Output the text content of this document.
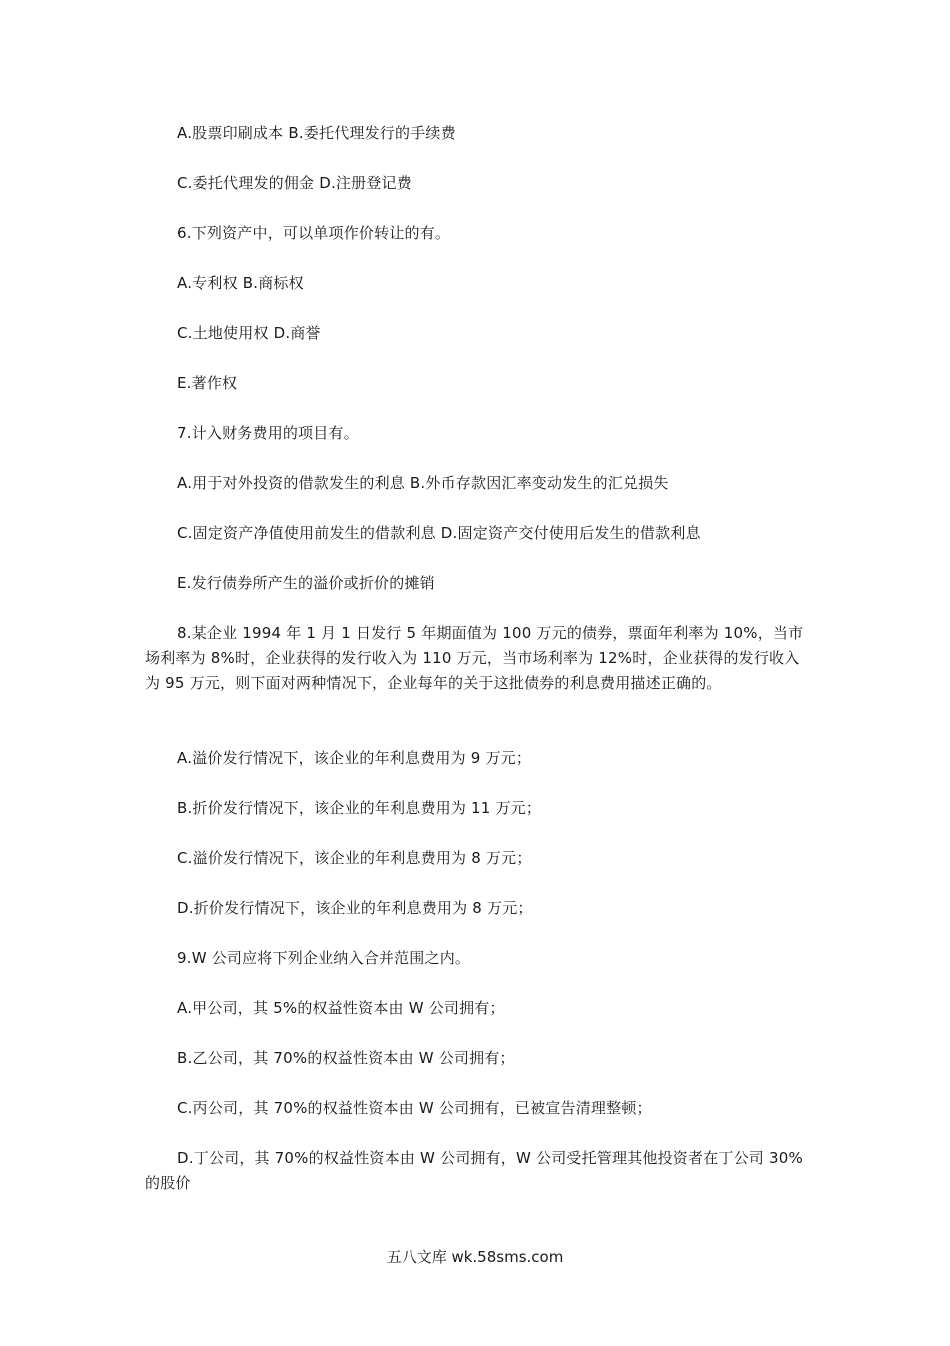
A.股票印刷成本 B.委托代理发行的手续费

C.委托代理发的佣金 D.注册登记费

6.下列资产中，可以单项作价转让的有。

A.专利权 B.商标权

C.土地使用权 D.商誉

E.著作权

7.计入财务费用的项目有。

A.用于对外投资的借款发生的利息 B.外币存款因汇率变动发生的汇兑损失

C.固定资产净值使用前发生的借款利息 D.固定资产交付使用后发生的借款利息

E.发行债券所产生的溢价或折价的摊销

8.某企业 1994 年 1 月 1 日发行 5 年期面值为 100 万元的债券，票面年利率为 10%，当市场利率为 8%时，企业获得的发行收入为 110 万元，当市场利率为 12%时，企业获得的发行收入为 95 万元，则下面对两种情况下，企业每年的关于这批债券的利息费用描述正确的。

A.溢价发行情况下，该企业的年利息费用为 9 万元；

B.折价发行情况下，该企业的年利息费用为 11 万元；

C.溢价发行情况下，该企业的年利息费用为 8 万元；

D.折价发行情况下，该企业的年利息费用为 8 万元；

9.W 公司应将下列企业纳入合并范围之内。

A.甲公司，其 5%的权益性资本由 W 公司拥有；

B.乙公司，其 70%的权益性资本由 W 公司拥有；

C.丙公司，其 70%的权益性资本由 W 公司拥有，已被宣告清理整顿；

D.丁公司，其 70%的权益性资本由 W 公司拥有，W 公司受托管理其他投资者在丁公司 30%的股价

五八文库 wk.58sms.com
